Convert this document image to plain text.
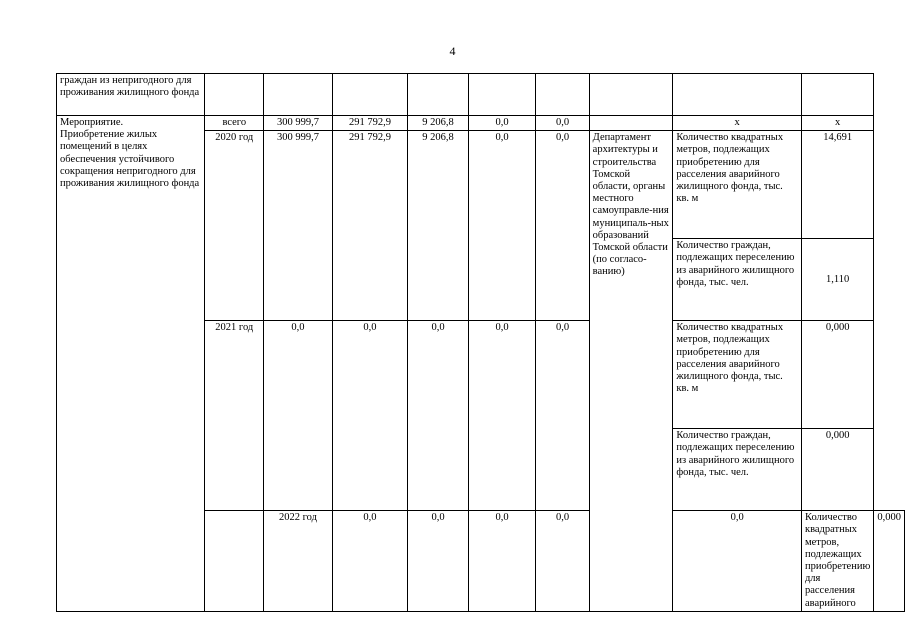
4
граждан из непригодного для проживания жилищного фонда										

Мероприятие.
Приобретение жилых помещений в целях обеспечения устойчивого сокращения непригодного для проживания жилищного фонда	всего	300 999,7	291 792,9	9 206,8	0,0	0,0		х	х	
	2020 год	300 999,7	291 792,9	9 206,8	0,0	0,0	Департамент архитектуры и строительства Томской области, органы местного самоуправле-ния муниципаль-ных образований Томской области (по согласо-ванию)	Количество квадратных метров, подлежащих приобретению для расселения аварийного жилищного фонда, тыс. кв. м	14,691	
								Количество граждан, подлежащих переселению из аварийного жилищного фонда, тыс. чел.	1,110	
	2021 год	0,0	0,0	0,0	0,0	0,0		Количество квадратных метров, подлежащих приобретению для расселения аварийного жилищного фонда, тыс. кв. м	0,000	
								Количество граждан, подлежащих переселению из аварийного жилищного фонда, тыс. чел.	0,000	
		2022 год	0,0	0,0	0,0	0,0		0,0	Количество квадратных метров, подлежащих приобретению для расселения аварийного	0,000
